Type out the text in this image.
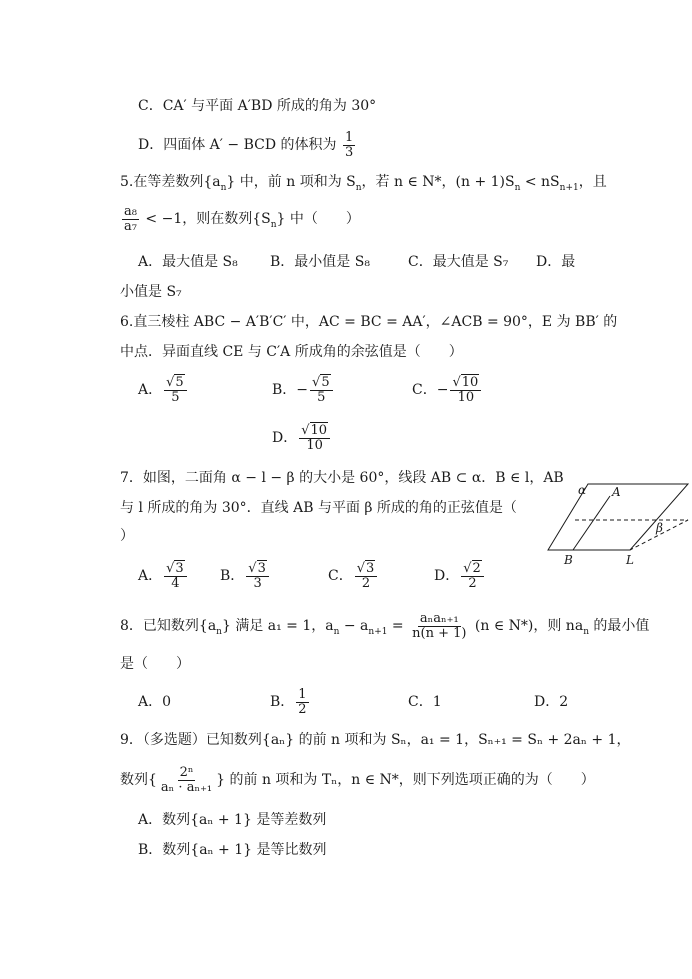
C．CA′ 与平面 A′BD 所成的角为 30°
D．四面体 A′ − BCD 的体积为 $\frac{1}{3}$
5.在等差数列$\{a_n\}$ 中，前 n 项和为 $S_n$，若 n ∈ N*，$(n + 1)S_n < nS_{n+1}$，且
$\frac{\text{a₈}}{\text{a₇}} < -1$，则在数列$\{S_n\}$ 中（　　）
A．最大值是 S₈ B．最小值是 S₈	C．最大值是 S₇ D．最
小值是 S₇
6.直三棱柱 ABC − A′B′C′ 中，AC = BC = AA′，∠ACB = 90°，E 为 BB′ 的
中点．异面直线 CE 与 C′A 所成角的余弦值是（　　）
A． $\frac{√5}{5}$	B．− $\frac{√5}{5}$	C．− $\frac{√10}{10}$
D． $\frac{√10}{10}$
7．如图，二面角 α − l − β 的大小是 60°，线段 AB ⊂ α．B ∈ l，AB
与 l 所成的角为 30°．直线 AB 与平面 β 所成的角的正弦值是（
）
A． $\frac{√3}{4}$ B． $\frac{√3}{3}$	C． $\frac{√3}{2}$	D． $\frac{√2}{2}$
α A
β
B	L
8．已知数列$\{a_n\}$ 满足 a₁ = 1，$a_n - a_{n+1} = \frac{\text{aₙaₙ₊₁}}{n(n + 1)} (n$ ∈ N*)，则 $na_n$ 的最小值
是（　　）
A．0	B． $\frac{1}{2}$	C．1	D．2
9．（多选题）已知数列{aₙ} 的前 n 项和为 Sₙ，a₁ = 1，Sₙ₊₁ = Sₙ + 2aₙ + 1，
数列{ $\frac{\text{2ⁿ}}{\text{aₙ · aₙ₊₁}}$ } 的前 n 项和为 Tₙ，n ∈ N*，则下列选项正确的为（　　）
A．数列{aₙ + 1} 是等差数列
B．数列{aₙ + 1} 是等比数列
